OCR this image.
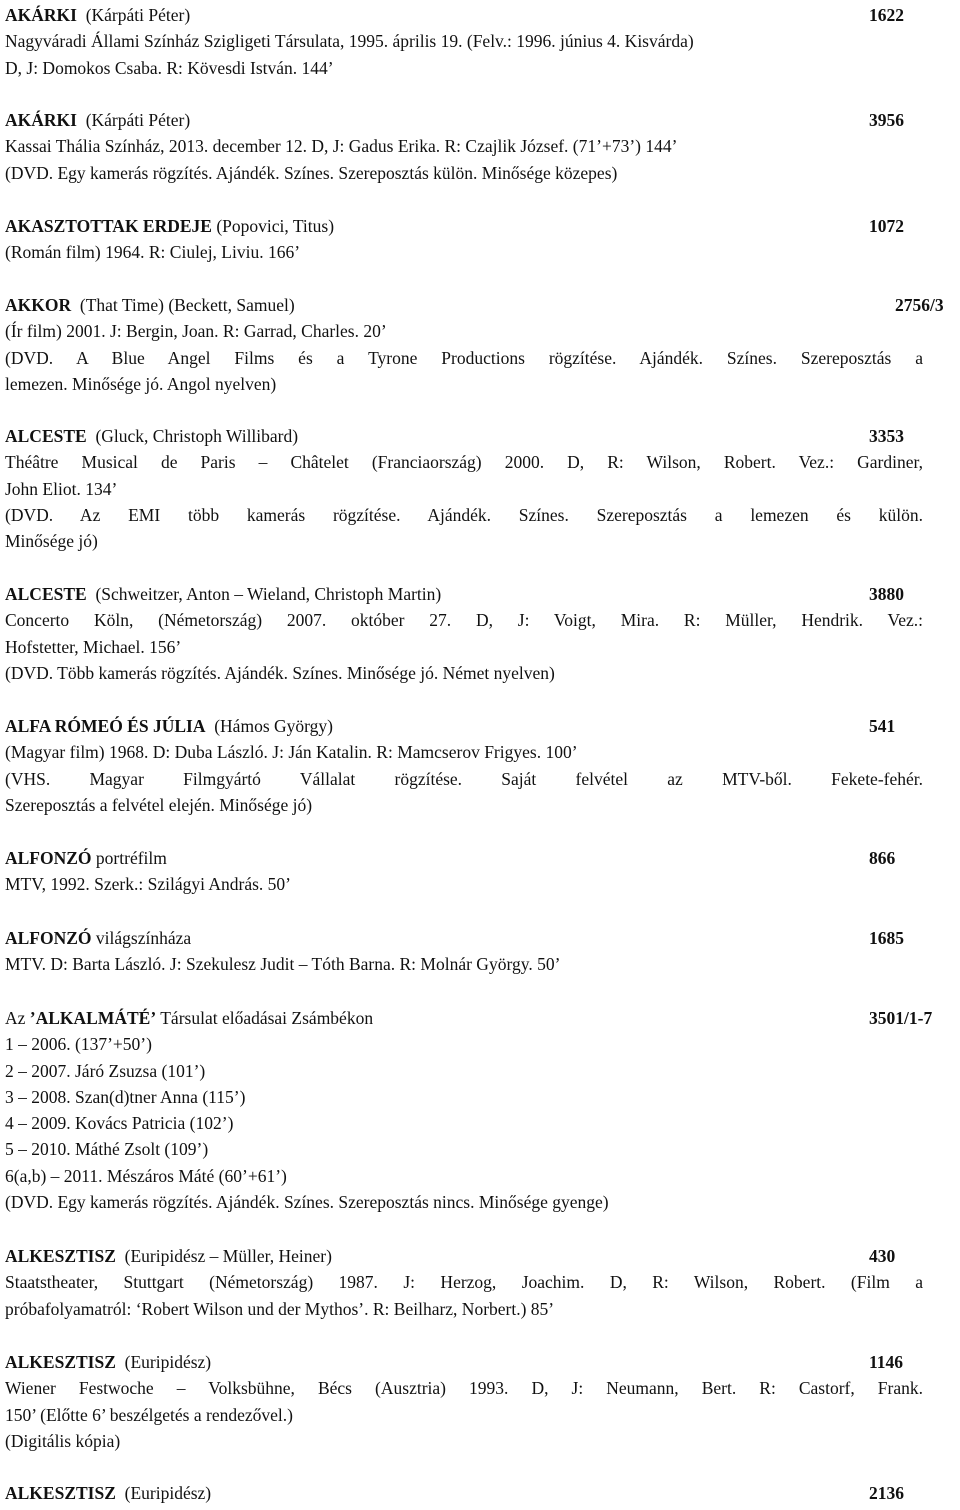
AKÁRKI  (Kárpáti Péter)	1622
Nagyváradi Állami Színház Szigligeti Társulata, 1995. április 19. (Felv.: 1996. június 4. Kisvárda)
D, J: Domokos Csaba. R: Kövesdi István. 144’
AKÁRKI  (Kárpáti Péter)	3956
Kassai Thália Színház, 2013. december 12. D, J: Gadus Erika. R: Czajlik József. (71’+73’) 144’
(DVD. Egy kamerás rögzítés. Ajándék. Színes. Szereposztás külön. Minősége közepes)
AKASZTOTTAK ERDEJE (Popovici, Titus)	1072
(Román film) 1964. R: Ciulej, Liviu. 166’
AKKOR  (That Time) (Beckett, Samuel)	2756/3
(Ír film) 2001. J: Bergin, Joan. R: Garrad, Charles. 20’
(DVD. A Blue Angel Films és a Tyrone Productions rögzítése. Ajándék. Színes. Szereposztás a
lemezen. Minősége jó. Angol nyelven)
ALCESTE  (Gluck, Christoph Willibard)	3353
Théâtre Musical de Paris – Châtelet (Franciaország) 2000. D, R: Wilson, Robert. Vez.: Gardiner,
John Eliot. 134’
(DVD. Az EMI több kamerás rögzítése. Ajándék. Színes. Szereposztás a lemezen és külön.
Minősége jó)
ALCESTE  (Schweitzer, Anton – Wieland, Christoph Martin)	3880
Concerto Köln, (Németország) 2007. október 27. D, J: Voigt, Mira. R: Müller, Hendrik. Vez.:
Hofstetter, Michael. 156’
(DVD. Több kamerás rögzítés. Ajándék. Színes. Minősége jó. Német nyelven)
ALFA RÓMEÓ ÉS JÚLIA  (Hámos György)	541
(Magyar film) 1968. D: Duba László. J: Ján Katalin. R: Mamcserov Frigyes. 100’
(VHS. Magyar Filmgyártó Vállalat rögzítése. Saját felvétel az MTV-ből. Fekete-fehér.
Szereposztás a felvétel elején. Minősége jó)
ALFONZÓ portréfilm	866
MTV, 1992. Szerk.: Szilágyi András. 50’
ALFONZÓ világszínháza	1685
MTV. D: Barta László. J: Szekulesz Judit – Tóth Barna. R: Molnár György. 50’
Az ’ALKALMÁTÉ’ Társulat előadásai Zsámbékon	3501/1-7
1 – 2006. (137’+50’)
2 – 2007. Járó Zsuzsa (101’)
3 – 2008. Szan(d)tner Anna (115’)
4 – 2009. Kovács Patricia (102’)
5 – 2010. Máthé Zsolt (109’)
6(a,b) – 2011. Mészáros Máté (60’+61’)
(DVD. Egy kamerás rögzítés. Ajándék. Színes. Szereposztás nincs. Minősége gyenge)
ALKESZTISZ  (Euripidész – Müller, Heiner)	430
Staatstheater, Stuttgart (Németország) 1987. J: Herzog, Joachim. D, R: Wilson, Robert. (Film a
próbafolyamatról: ‘Robert Wilson und der Mythos’. R: Beilharz, Norbert.) 85’
ALKESZTISZ  (Euripidész)	1146
Wiener Festwoche – Volksbühne, Bécs (Ausztria) 1993. D, J: Neumann, Bert. R: Castorf, Frank.
150’ (Előtte 6’ beszélgetés a rendezővel.)
(Digitális kópia)
ALKESZTISZ  (Euripidész)	2136
